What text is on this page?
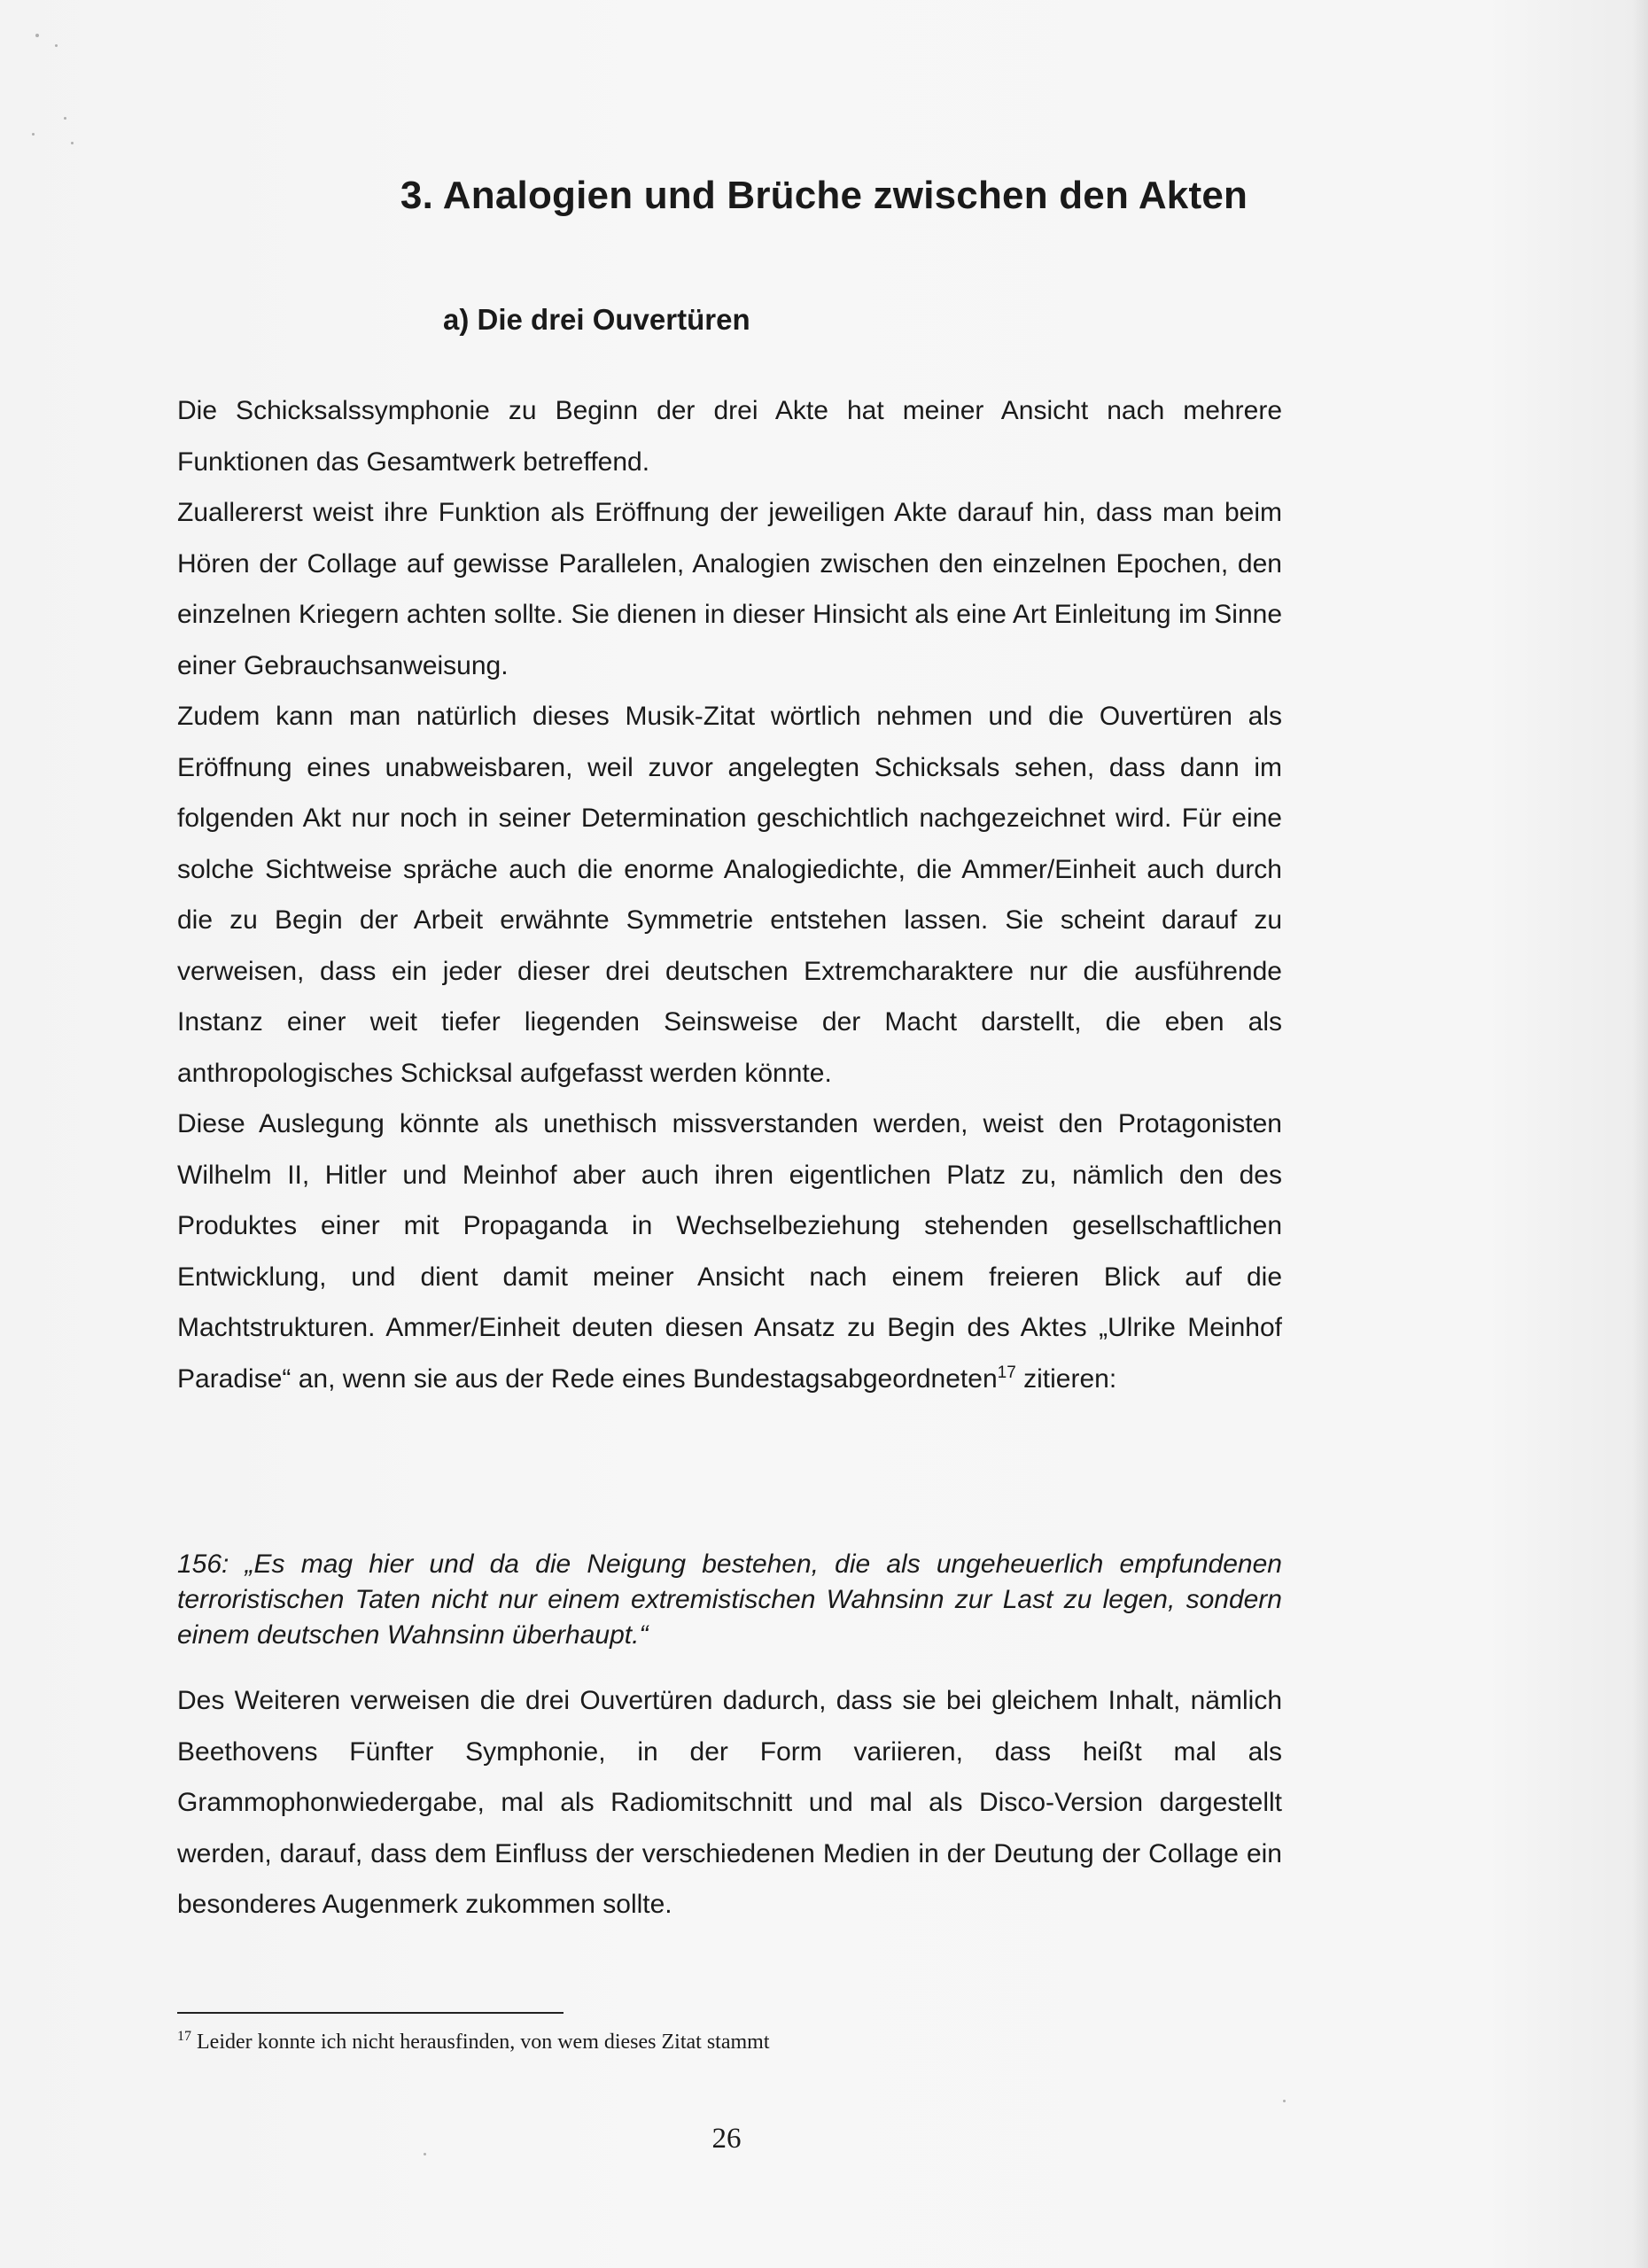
3. Analogien und Brüche zwischen den Akten
a) Die drei Ouvertüren

Die Schicksalssymphonie zu Beginn der drei Akte hat meiner Ansicht nach mehrere Funktionen das Gesamtwerk betreffend.

Zuallererst weist ihre Funktion als Eröffnung der jeweiligen Akte darauf hin, dass man beim Hören der Collage auf gewisse Parallelen, Analogien zwischen den einzelnen Epochen, den einzelnen Kriegern achten sollte. Sie dienen in dieser Hinsicht als eine Art Einleitung im Sinne einer Gebrauchsanweisung.

Zudem kann man natürlich dieses Musik-Zitat wörtlich nehmen und die Ouvertüren als Eröffnung eines unabweisbaren, weil zuvor angelegten Schicksals sehen, dass dann im folgenden Akt nur noch in seiner Determination geschichtlich nachgezeichnet wird. Für eine solche Sichtweise spräche auch die enorme Analogiedichte, die Ammer/Einheit auch durch die zu Begin der Arbeit erwähnte Symmetrie entstehen lassen. Sie scheint darauf zu verweisen, dass ein jeder dieser drei deutschen Extremcharaktere nur die ausführende Instanz einer weit tiefer liegenden Seinsweise der Macht darstellt, die eben als anthropologisches Schicksal aufgefasst werden könnte.

Diese Auslegung könnte als unethisch missverstanden werden, weist den Protagonisten Wilhelm II, Hitler und Meinhof aber auch ihren eigentlichen Platz zu, nämlich den des Produktes einer mit Propaganda in Wechselbeziehung stehenden gesellschaftlichen Entwicklung, und dient damit meiner Ansicht nach einem freieren Blick auf die Machtstrukturen. Ammer/Einheit deuten diesen Ansatz zu Begin des Aktes „Ulrike Meinhof Paradise“ an, wenn sie aus der Rede eines Bundestagsabgeordneten$^{17}$ zitieren:

156: „Es mag hier und da die Neigung bestehen, die als ungeheuerlich empfundenen terroristischen Taten nicht nur einem extremistischen Wahnsinn zur Last zu legen, sondern einem deutschen Wahnsinn überhaupt.“

Des Weiteren verweisen die drei Ouvertüren dadurch, dass sie bei gleichem Inhalt, nämlich Beethovens Fünfter Symphonie, in der Form variieren, dass heißt mal als Grammophonwiedergabe, mal als Radiomitschnitt und mal als Disco-Version dargestellt werden, darauf, dass dem Einfluss der verschiedenen Medien in der Deutung der Collage ein besonderes Augenmerk zukommen sollte.

$^{17}$ Leider konnte ich nicht herausfinden, von wem dieses Zitat stammt
26
